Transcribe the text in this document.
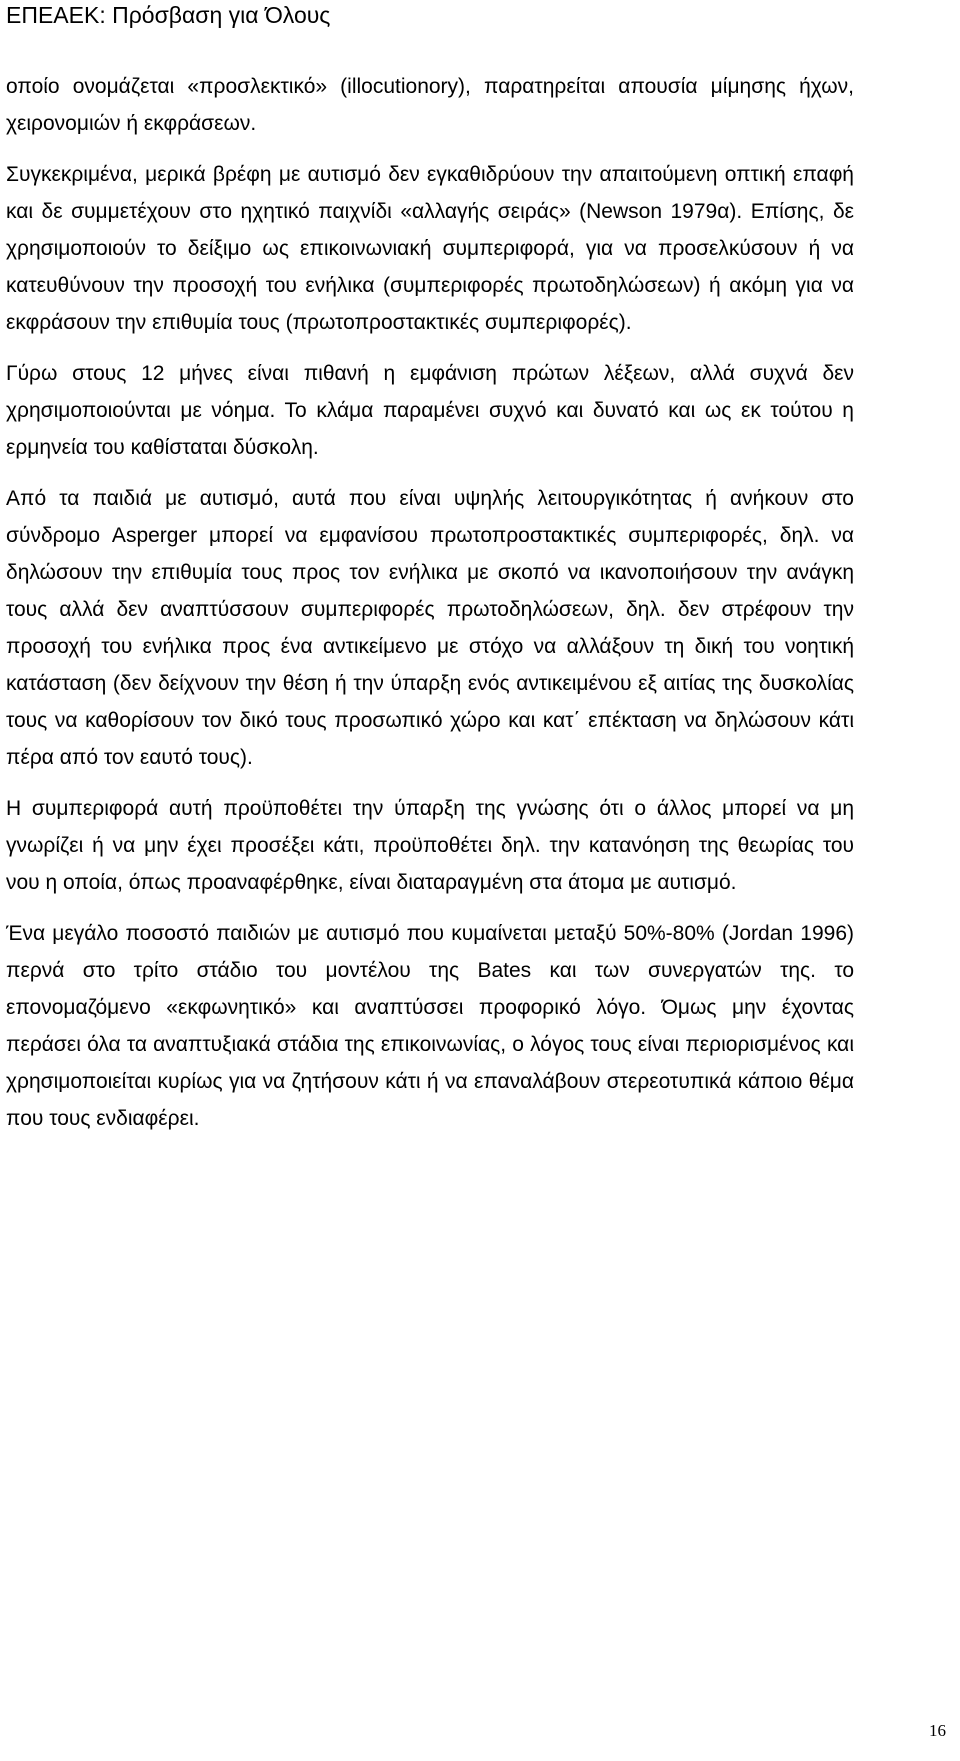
ΕΠΕΑΕΚ: Πρόσβαση για Όλους

οποίο ονομάζεται «προσλεκτικό» (illocutionory), παρατηρείται απουσία μίμησης ήχων, χειρονομιών ή εκφράσεων.

Συγκεκριμένα, μερικά βρέφη με αυτισμό δεν εγκαθιδρύουν την απαιτούμενη οπτική επαφή και δε συμμετέχουν στο ηχητικό παιχνίδι «αλλαγής σειράς» (Newson 1979α). Επίσης, δε χρησιμοποιούν το δείξιμο ως επικοινωνιακή συμπεριφορά, για να προσελκύσουν ή να κατευθύνουν την προσοχή του ενήλικα (συμπεριφορές πρωτοδηλώσεων) ή ακόμη για να εκφράσουν την επιθυμία τους (πρωτοπροστακτικές συμπεριφορές).

Γύρω στους 12 μήνες είναι πιθανή η εμφάνιση πρώτων λέξεων, αλλά συχνά δεν χρησιμοποιούνται με νόημα. Το κλάμα παραμένει συχνό και δυνατό και ως εκ τούτου η ερμηνεία του καθίσταται δύσκολη.

Από τα παιδιά με αυτισμό, αυτά που είναι υψηλής λειτουργικότητας ή ανήκουν στο σύνδρομο Asperger μπορεί να εμφανίσου πρωτοπροστακτικές συμπεριφορές, δηλ. να δηλώσουν την επιθυμία τους προς τον ενήλικα με σκοπό να ικανοποιήσουν την ανάγκη τους αλλά δεν αναπτύσσουν συμπεριφορές πρωτοδηλώσεων, δηλ. δεν στρέφουν την προσοχή του ενήλικα προς ένα αντικείμενο με στόχο να αλλάξουν τη δική του νοητική κατάσταση (δεν δείχνουν την θέση ή την ύπαρξη ενός αντικειμένου εξ αιτίας της δυσκολίας τους να καθορίσουν τον δικό τους προσωπικό χώρο και κατ΄ επέκταση να δηλώσουν κάτι πέρα από τον εαυτό τους).

Η συμπεριφορά αυτή προϋποθέτει την ύπαρξη της γνώσης ότι ο άλλος μπορεί να μη γνωρίζει ή να μην έχει προσέξει κάτι, προϋποθέτει δηλ. την κατανόηση της θεωρίας του νου η οποία, όπως προαναφέρθηκε, είναι διαταραγμένη στα άτομα με αυτισμό.

Ένα μεγάλο ποσοστό παιδιών με αυτισμό που κυμαίνεται μεταξύ 50%-80% (Jordan 1996) περνά στο τρίτο στάδιο του μοντέλου της Bates και των συνεργατών της. το επονομαζόμενο «εκφωνητικό» και αναπτύσσει προφορικό λόγο. Όμως μην έχοντας περάσει όλα τα αναπτυξιακά στάδια της επικοινωνίας, ο λόγος τους είναι περιορισμένος και χρησιμοποιείται κυρίως για να ζητήσουν κάτι ή να επαναλάβουν στερεοτυπικά κάποιο θέμα που τους ενδιαφέρει.

16
